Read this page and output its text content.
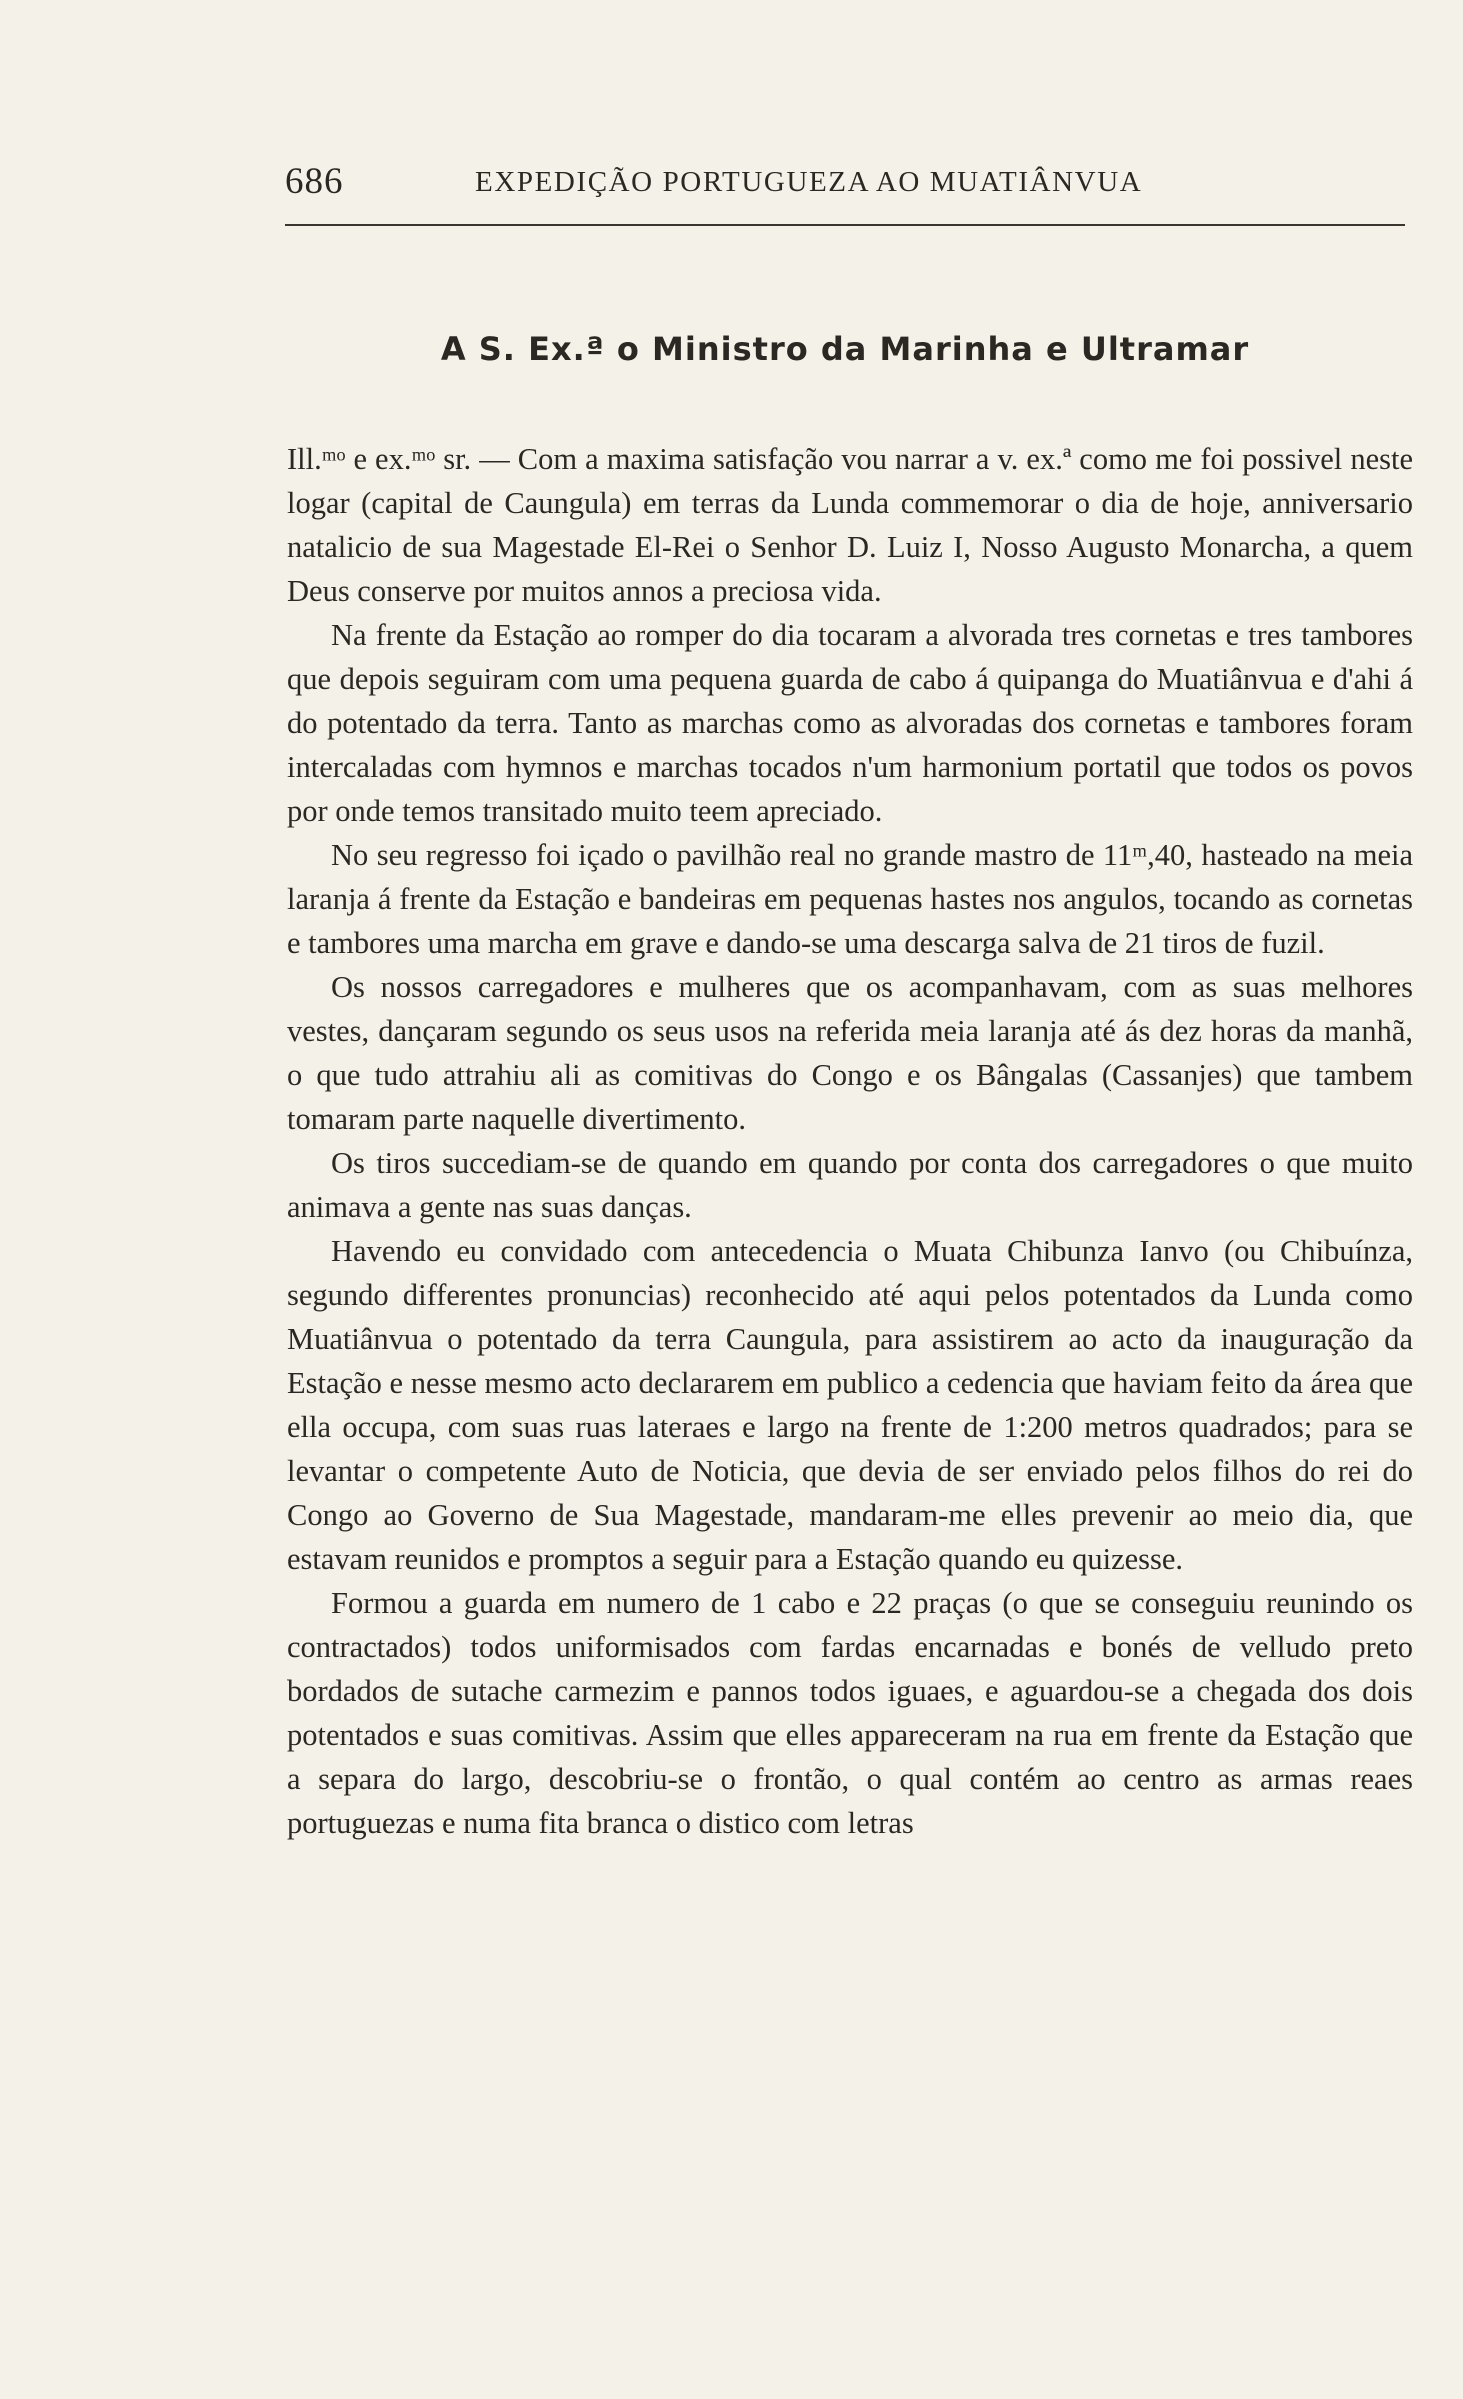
686	EXPEDIÇÃO PORTUGUEZA AO MUATIÂNVUA
A S. Ex.ª o Ministro da Marinha e Ultramar

Ill.ᵐᵒ e ex.ᵐᵒ sr. — Com a maxima satisfação vou narrar a v. ex.ª como me foi possivel neste logar (capital de Caungula) em terras da Lunda commemorar o dia de hoje, anniversario natalicio de sua Magestade El-Rei o Senhor D. Luiz I, Nosso Augusto Monarcha, a quem Deus conserve por muitos annos a preciosa vida.

Na frente da Estação ao romper do dia tocaram a alvorada tres cornetas e tres tambores que depois seguiram com uma pequena guarda de cabo á quipanga do Muatiânvua e d'ahi á do potentado da terra. Tanto as marchas como as alvoradas dos cornetas e tambores foram intercaladas com hymnos e marchas tocados n'um harmonium portatil que todos os povos por onde temos transitado muito teem apreciado.

No seu regresso foi içado o pavilhão real no grande mastro de 11ᵐ,40, hasteado na meia laranja á frente da Estação e bandeiras em pequenas hastes nos angulos, tocando as cornetas e tambores uma marcha em grave e dando-se uma descarga salva de 21 tiros de fuzil.

Os nossos carregadores e mulheres que os acompanhavam, com as suas melhores vestes, dançaram segundo os seus usos na referida meia laranja até ás dez horas da manhã, o que tudo attrahiu ali as comitivas do Congo e os Bângalas (Cassanjes) que tambem tomaram parte naquelle divertimento.

Os tiros succediam-se de quando em quando por conta dos carregadores o que muito animava a gente nas suas danças.

Havendo eu convidado com antecedencia o Muata Chibunza Ianvo (ou Chibuínza, segundo differentes pronuncias) reconhecido até aqui pelos potentados da Lunda como Muatiânvua o potentado da terra Caungula, para assistirem ao acto da inauguração da Estação e nesse mesmo acto declararem em publico a cedencia que haviam feito da área que ella occupa, com suas ruas lateraes e largo na frente de 1:200 metros quadrados; para se levantar o competente Auto de Noticia, que devia de ser enviado pelos filhos do rei do Congo ao Governo de Sua Magestade, mandaram-me elles prevenir ao meio dia, que estavam reunidos e promptos a seguir para a Estação quando eu quizesse.

Formou a guarda em numero de 1 cabo e 22 praças (o que se conseguiu reunindo os contractados) todos uniformisados com fardas encarnadas e bonés de velludo preto bordados de sutache carmezim e pannos todos iguaes, e aguardou-se a chegada dos dois potentados e suas comitivas. Assim que elles appareceram na rua em frente da Estação que a separa do largo, descobriu-se o frontão, o qual contém ao centro as armas reaes portuguezas e numa fita branca o distico com letras
